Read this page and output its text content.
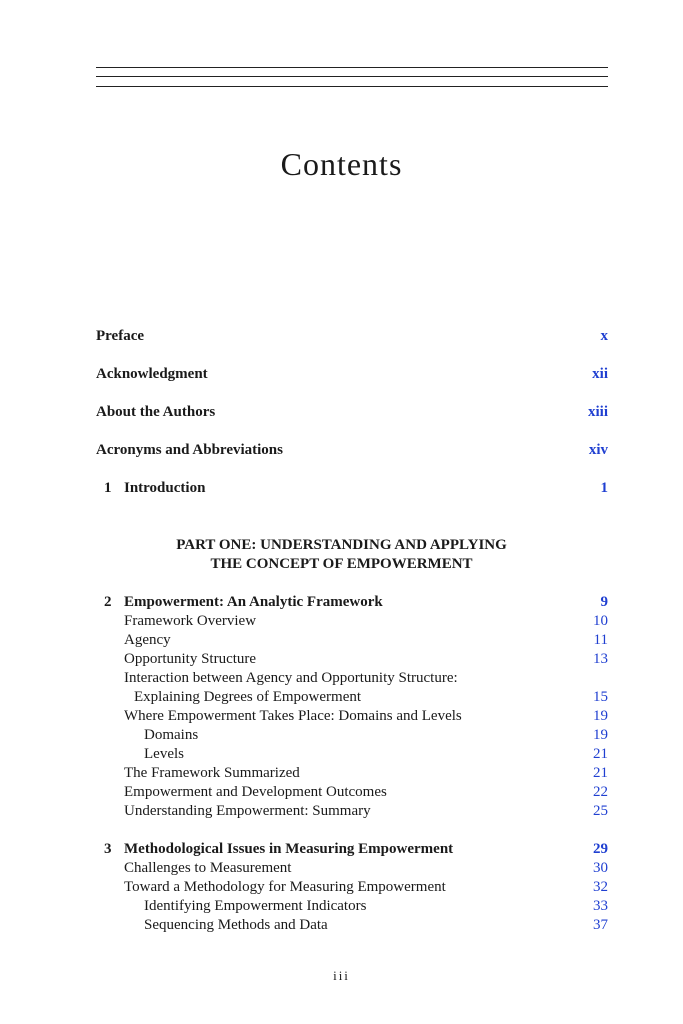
Contents
Preface	x
Acknowledgment	xii
About the Authors	xiii
Acronyms and Abbreviations	xiv
1 Introduction	1
PART ONE: UNDERSTANDING AND APPLYING
THE CONCEPT OF EMPOWERMENT
2 Empowerment: An Analytic Framework	9
Framework Overview	10
Agency	11
Opportunity Structure	13
Interaction between Agency and Opportunity Structure:
Explaining Degrees of Empowerment	15
Where Empowerment Takes Place: Domains and Levels	19
Domains	19
Levels	21
The Framework Summarized	21
Empowerment and Development Outcomes	22
Understanding Empowerment: Summary	25
3 Methodological Issues in Measuring Empowerment	29
Challenges to Measurement	30
Toward a Methodology for Measuring Empowerment	32
Identifying Empowerment Indicators	33
Sequencing Methods and Data	37
iii
